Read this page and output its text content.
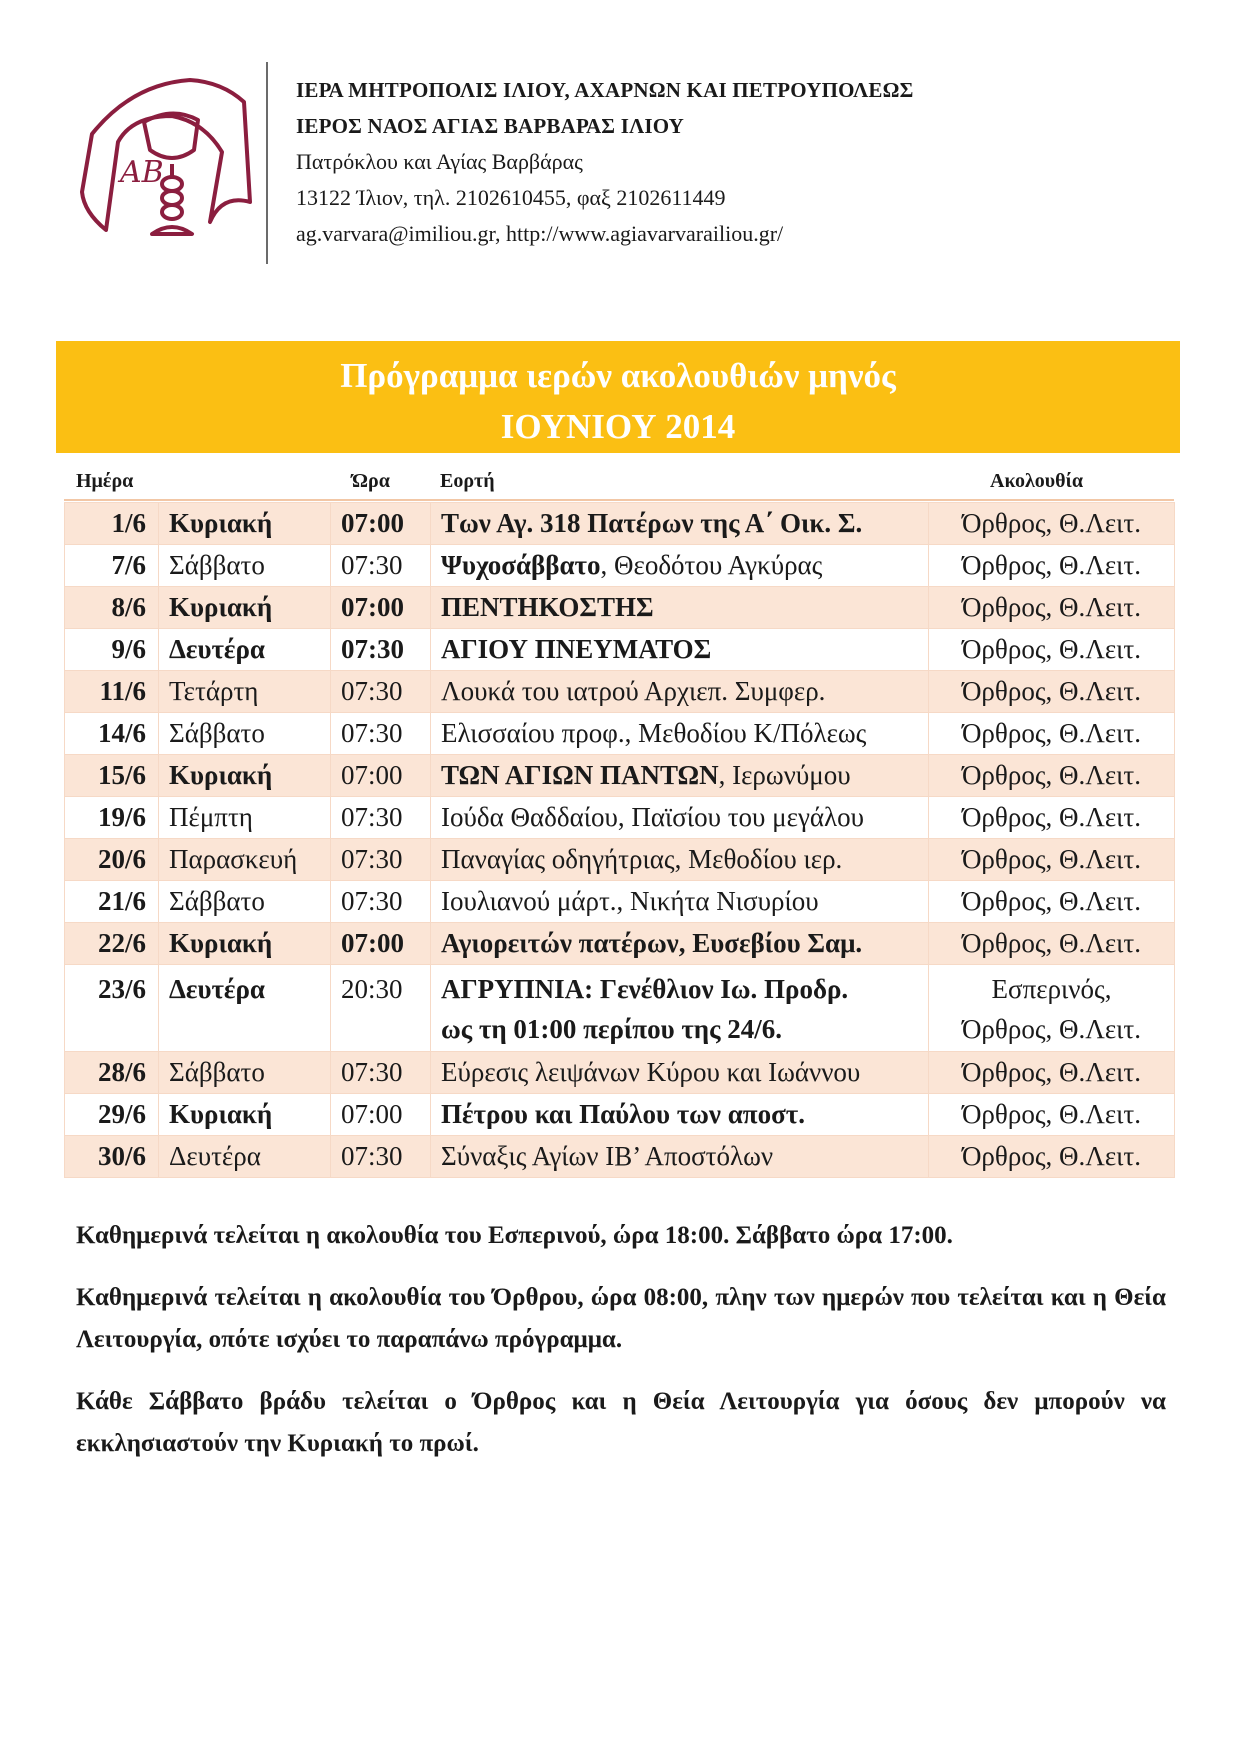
ΑΒ
ΙΕΡΑ ΜΗΤΡΟΠΟΛΙΣ ΙΛΙΟΥ, ΑΧΑΡΝΩΝ ΚΑΙ ΠΕΤΡΟΥΠΟΛΕΩΣ
ΙΕΡΟΣ ΝΑΟΣ ΑΓΙΑΣ ΒΑΡΒΑΡΑΣ ΙΛΙΟΥ
Πατρόκλου και Αγίας Βαρβάρας
13122 Ίλιον, τηλ. 2102610455, φαξ 2102611449
ag.varvara@imiliou.gr, http://www.agiavarvarailiou.gr/
Πρόγραμμα ιερών ακολουθιών μηνός
ΙΟΥΝΙΟΥ 2014
Ημέρα	Ώρα	Εορτή	Ακολουθία
1/6	Κυριακή	07:00	Των Αγ. 318 Πατέρων της Α΄ Οικ. Σ.	Όρθρος, Θ.Λειτ.
7/6	Σάββατο	07:30	Ψυχοσάββατο, Θεοδότου Αγκύρας	Όρθρος, Θ.Λειτ.
8/6	Κυριακή	07:00	ΠΕΝΤΗΚΟΣΤΗΣ	Όρθρος, Θ.Λειτ.
9/6	Δευτέρα	07:30	ΑΓΙΟΥ ΠΝΕΥΜΑΤΟΣ	Όρθρος, Θ.Λειτ.
11/6	Τετάρτη	07:30	Λουκά του ιατρού Αρχιεπ. Συμφερ.	Όρθρος, Θ.Λειτ.
14/6	Σάββατο	07:30	Ελισσαίου προφ., Μεθοδίου Κ/Πόλεως	Όρθρος, Θ.Λειτ.
15/6	Κυριακή	07:00	ΤΩΝ ΑΓΙΩΝ ΠΑΝΤΩΝ, Ιερωνύμου	Όρθρος, Θ.Λειτ.
19/6	Πέμπτη	07:30	Ιούδα Θαδδαίου, Παϊσίου του μεγάλου	Όρθρος, Θ.Λειτ.
20/6	Παρασκευή	07:30	Παναγίας οδηγήτριας, Μεθοδίου ιερ.	Όρθρος, Θ.Λειτ.
21/6	Σάββατο	07:30	Ιουλιανού μάρτ., Νικήτα Νισυρίου	Όρθρος, Θ.Λειτ.
22/6	Κυριακή	07:00	Αγιορειτών πατέρων, Ευσεβίου Σαμ.	Όρθρος, Θ.Λειτ.
23/6	Δευτέρα	20:30	ΑΓΡΥΠΝΙΑ: Γενέθλιον Ιω. Προδρ.
ως τη 01:00 περίπου της 24/6.	Εσπερινός,
Όρθρος, Θ.Λειτ.
28/6	Σάββατο	07:30	Εύρεσις λειψάνων Κύρου και Ιωάννου	Όρθρος, Θ.Λειτ.
29/6	Κυριακή	07:00	Πέτρου και Παύλου των αποστ.	Όρθρος, Θ.Λειτ.
30/6	Δευτέρα	07:30	Σύναξις Αγίων ΙΒ’ Αποστόλων	Όρθρος, Θ.Λειτ.

Καθημερινά τελείται η ακολουθία του Εσπερινού, ώρα 18:00. Σάββατο ώρα 17:00.

Καθημερινά τελείται η ακολουθία του Όρθρου, ώρα 08:00, πλην των ημερών που τελείται και η Θεία Λειτουργία, οπότε ισχύει το παραπάνω πρόγραμμα.

Κάθε Σάββατο βράδυ τελείται ο Όρθρος και η Θεία Λειτουργία για όσους δεν μπορούν να εκκλησιαστούν την Κυριακή το πρωί.
